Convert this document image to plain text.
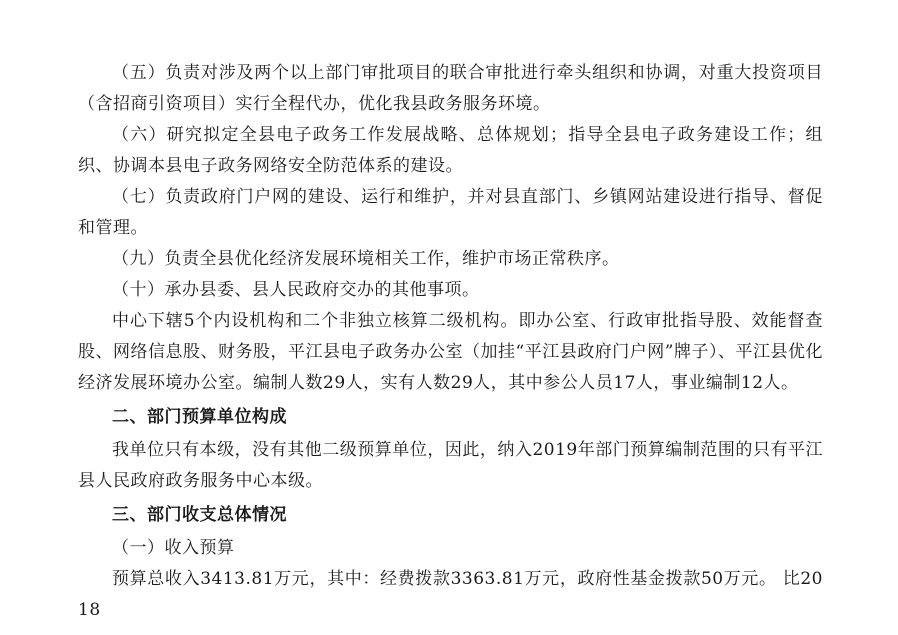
（五）负责对涉及两个以上部门审批项目的联合审批进行牵头组织和协调，对重大投资项目（含招商引资项目）实行全程代办，优化我县政务服务环境。

（六）研究拟定全县电子政务工作发展战略、总体规划；指导全县电子政务建设工作；组织、协调本县电子政务网络安全防范体系的建设。

（七）负责政府门户网的建设、运行和维护，并对县直部门、乡镇网站建设进行指导、督促和管理。

（九）负责全县优化经济发展环境相关工作，维护市场正常秩序。

（十）承办县委、县人民政府交办的其他事项。

中心下辖5个内设机构和二个非独立核算二级机构。即办公室、行政审批指导股、效能督查股、网络信息股、财务股，平江县电子政务办公室（加挂“平江县政府门户网”牌子）、平江县优化经济发展环境办公室。编制人数29人，实有人数29人，其中参公人员17人，事业编制12人。

二、部门预算单位构成

我单位只有本级，没有其他二级预算单位，因此，纳入2019年部门预算编制范围的只有平江县人民政府政务服务中心本级。

三、部门收支总体情况

（一）收入预算

预算总收入3413.81万元，其中：经费拨款3363.81万元，政府性基金拨款50万元。 比2018
